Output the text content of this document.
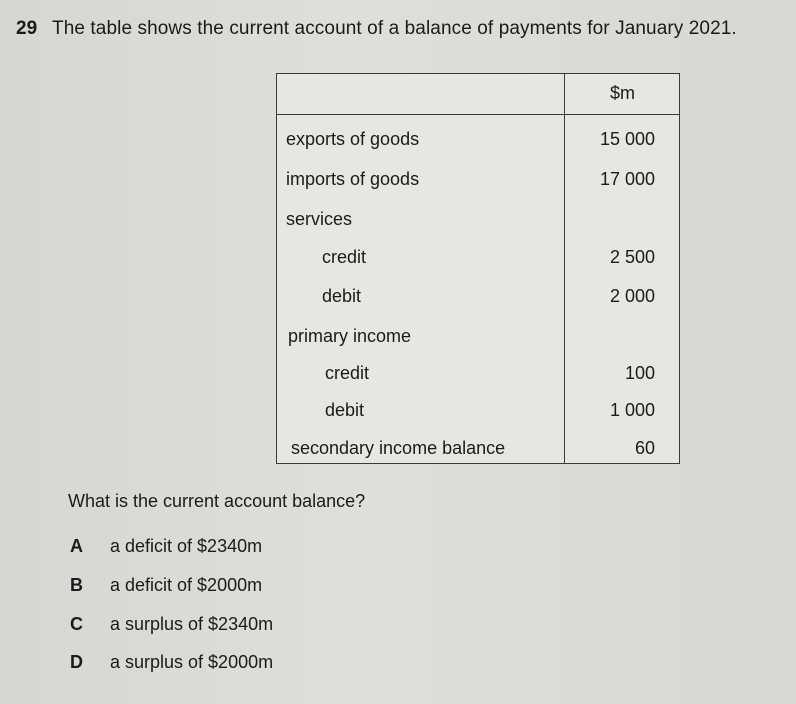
29 The table shows the current account of a balance of payments for January 2021.
$m
exports of goods	15 000
imports of goods	17 000
services
credit	2 500
debit	2 000
primary income
credit	100
debit	1 000
secondary income balance	60
What is the current account balance?
A a deficit of $2340m
B a deficit of $2000m
C a surplus of $2340m
D a surplus of $2000m
